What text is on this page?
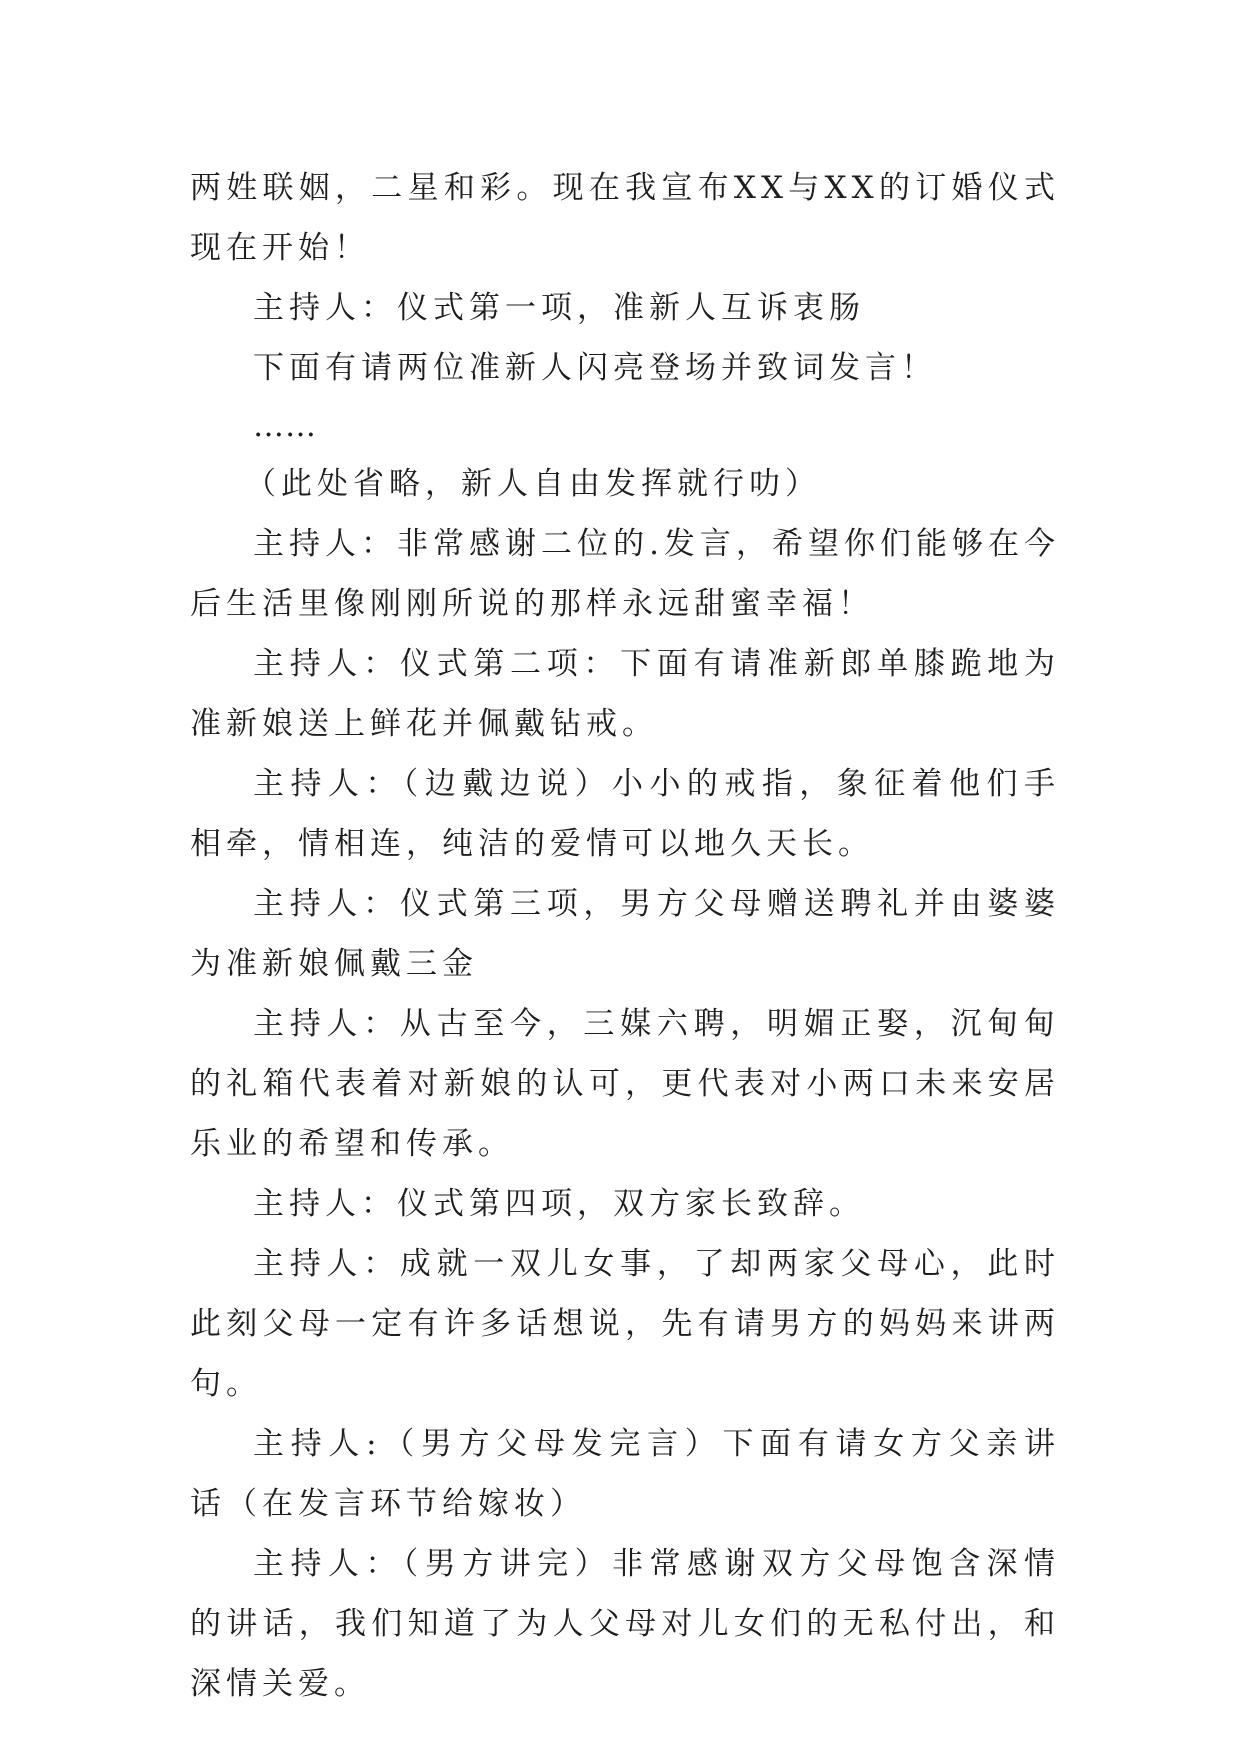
两姓联姻，二星和彩。现在我宣布XX与XX的订婚仪式现在开始！

主持人：仪式第一项，准新人互诉衷肠

下面有请两位准新人闪亮登场并致词发言！

……

（此处省略，新人自由发挥就行叻）

主持人：非常感谢二位的.发言，希望你们能够在今后生活里像刚刚所说的那样永远甜蜜幸福！

主持人：仪式第二项：下面有请准新郎单膝跪地为准新娘送上鲜花并佩戴钻戒。

主持人：（边戴边说）小小的戒指，象征着他们手相牵，情相连，纯洁的爱情可以地久天长。

主持人：仪式第三项，男方父母赠送聘礼并由婆婆为准新娘佩戴三金

主持人：从古至今，三媒六聘，明媚正娶，沉甸甸的礼箱代表着对新娘的认可，更代表对小两口未来安居乐业的希望和传承。

主持人：仪式第四项，双方家长致辞。

主持人：成就一双儿女事，了却两家父母心，此时此刻父母一定有许多话想说，先有请男方的妈妈来讲两句。

主持人:（男方父母发完言）下面有请女方父亲讲话（在发言环节给嫁妆）

主持人：（男方讲完）非常感谢双方父母饱含深情的讲话，我们知道了为人父母对儿女们的无私付出，和深情关爱。
